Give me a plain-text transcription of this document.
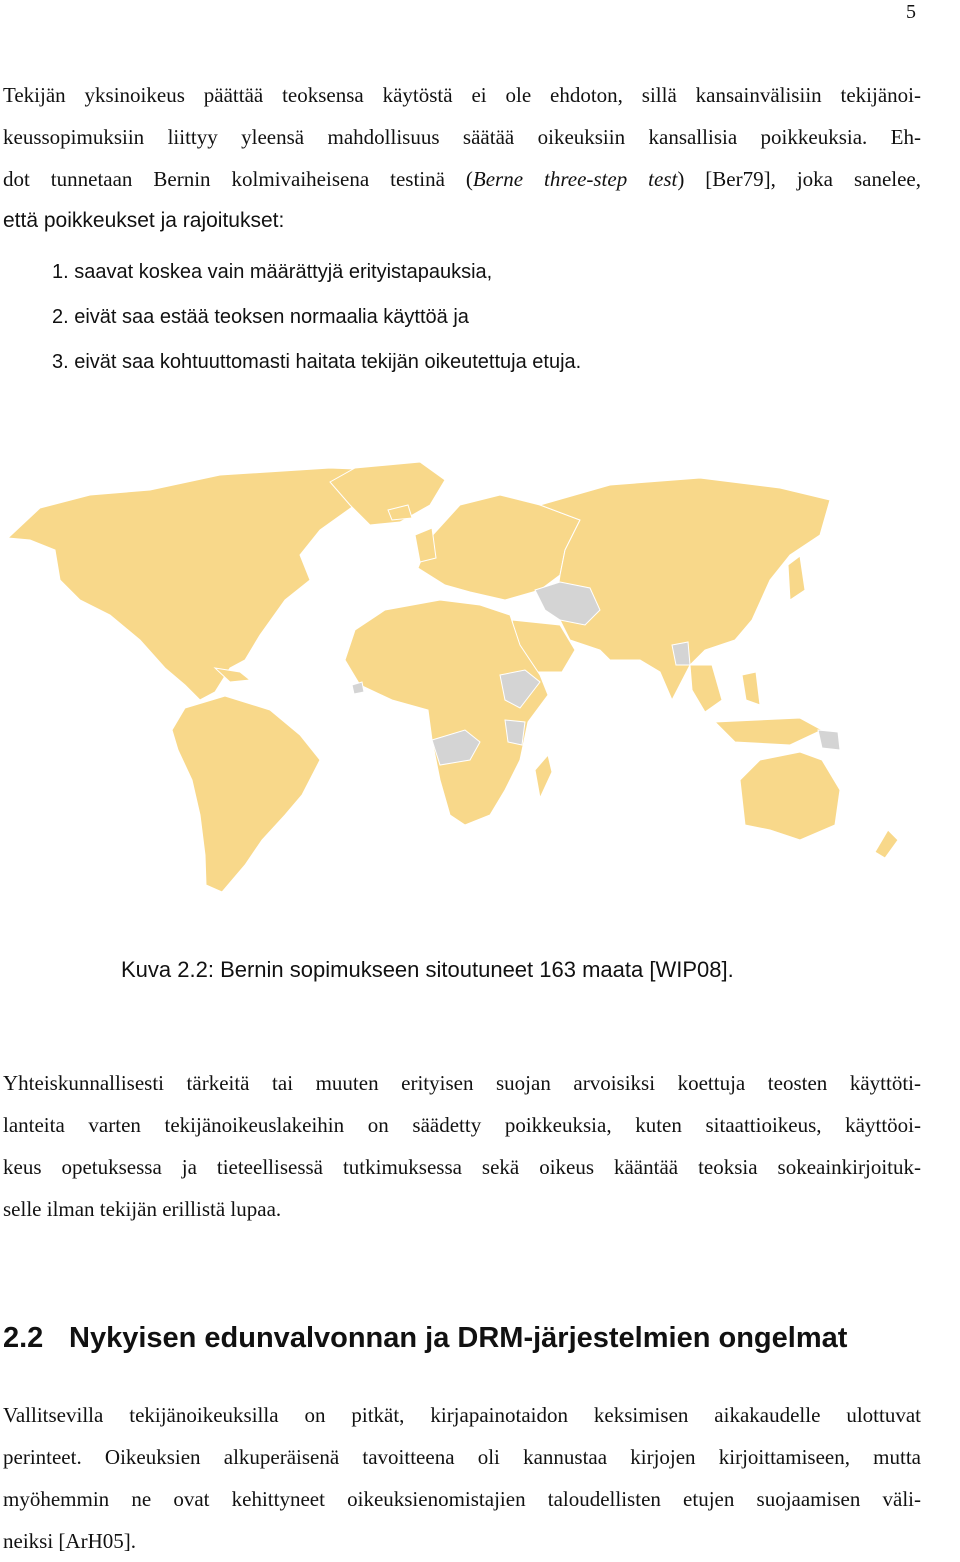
5

Tekijän yksinoikeus päättää teoksensa käytöstä ei ole ehdoton, sillä kansainvälisiin tekijänoi-
keussopimuksiin liittyy yleensä mahdollisuus säätää oikeuksiin kansallisia poikkeuksia. Eh-
dot tunnetaan Bernin kolmivaiheisena testinä (Berne three-step test) [Ber79], joka sanelee,
että poikkeukset ja rajoitukset:

1. saavat koskea vain määrättyjä erityistapauksia,
2. eivät saa estää teoksen normaalia käyttöä ja
3. eivät saa kohtuuttomasti haitata tekijän oikeutettuja etuja.
Kuva 2.2: Bernin sopimukseen sitoutuneet 163 maata [WIP08].

Yhteiskunnallisesti tärkeitä tai muuten erityisen suojan arvoisiksi koettuja teosten käyttöti-
lanteita varten tekijänoikeuslakeihin on säädetty poikkeuksia, kuten sitaattioikeus, käyttöoi-
keus opetuksessa ja tieteellisessä tutkimuksessa sekä oikeus kääntää teoksia sokeainkirjoituk-
selle ilman tekijän erillistä lupaa.

2.2 Nykyisen edunvalvonnan ja DRM-järjestelmien ongelmat

Vallitsevilla tekijänoikeuksilla on pitkät, kirjapainotaidon keksimisen aikakaudelle ulottuvat
perinteet. Oikeuksien alkuperäisenä tavoitteena oli kannustaa kirjojen kirjoittamiseen, mutta
myöhemmin ne ovat kehittyneet oikeuksienomistajien taloudellisten etujen suojaamisen väli-
neiksi [ArH05].
